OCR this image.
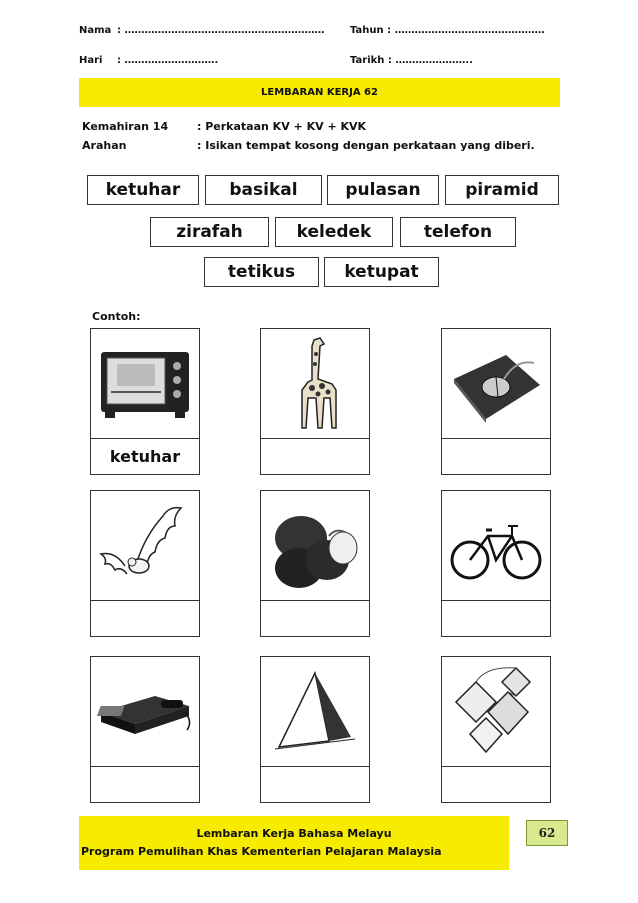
Nama : ……………………………………………………	Tahun : ………………………………………
Hari : ……………………….	Tarikh : …………………..
LEMBARAN KERJA 62
Kemahiran 14	: Perkataan KV + KV + KVK
Arahan	: Isikan tempat kosong dengan perkataan yang diberi.
ketuhar	basikal	pulasan	piramid
zirafah	keledek	telefon
tetikus	ketupat
Contoh:
ketuhar
Lembaran Kerja Bahasa Melayu
Program Pemulihan Khas Kementerian Pelajaran Malaysia
62
